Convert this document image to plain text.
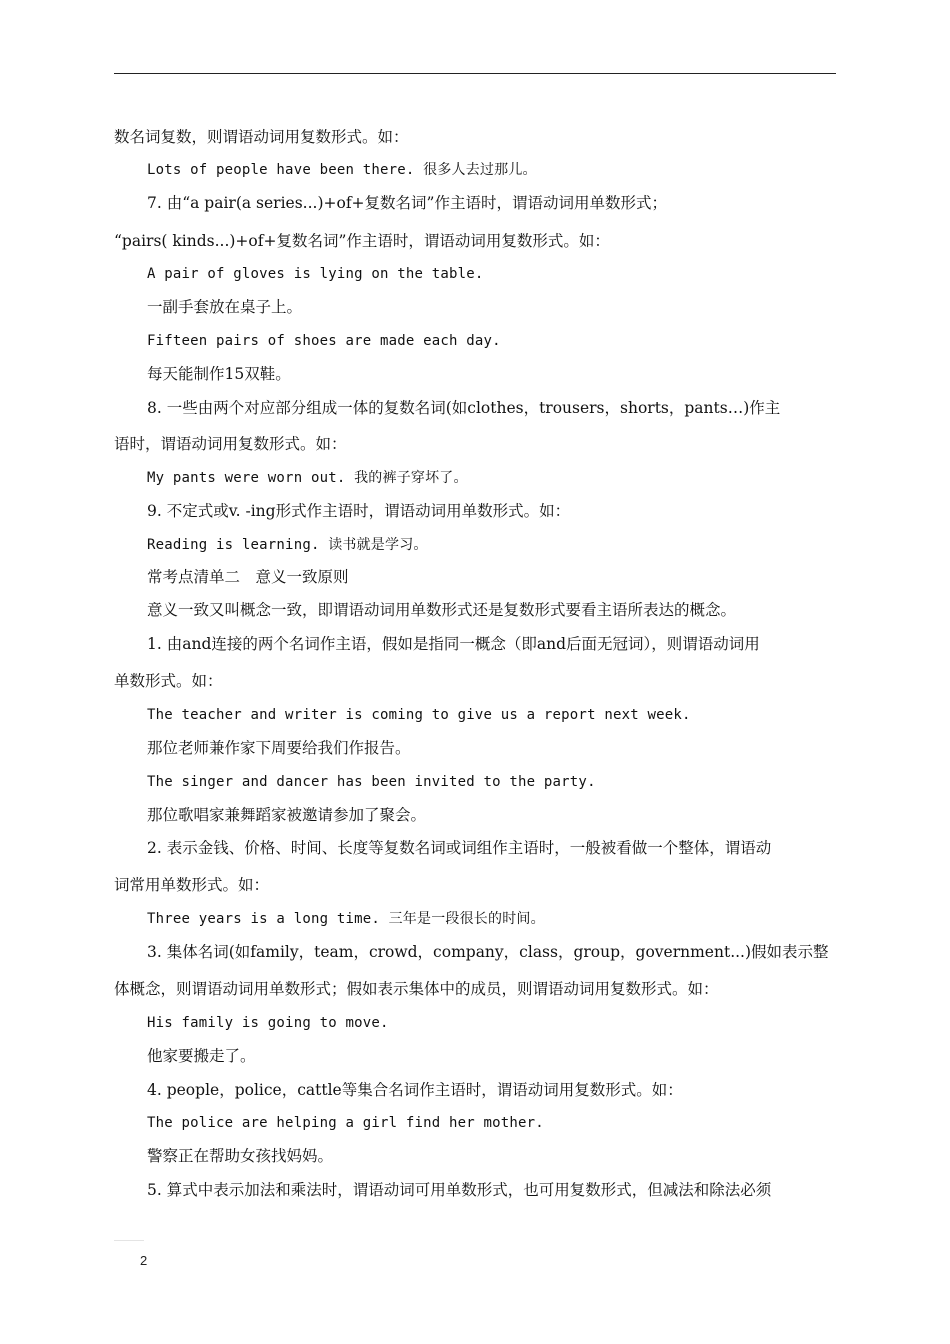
数名词复数，则谓语动词用复数形式。如：
Lots of people have been there. 很多人去过那儿。
7. 由“a pair(a series...)+of+复数名词”作主语时，谓语动词用单数形式；
“pairs( kinds...)+of+复数名词”作主语时，谓语动词用复数形式。如：
A pair of gloves is lying on the table.
一副手套放在桌子上。
Fifteen pairs of shoes are made each day.
每天能制作15双鞋。
8. 一些由两个对应部分组成一体的复数名词(如clothes，trousers，shorts，pants…)作主
语时，谓语动词用复数形式。如：
My pants were worn out. 我的裤子穿坏了。
9. 不定式或v. -ing形式作主语时，谓语动词用单数形式。如：
Reading is learning. 读书就是学习。
常考点清单二　意义一致原则
意义一致又叫概念一致，即谓语动词用单数形式还是复数形式要看主语所表达的概念。
1. 由and连接的两个名词作主语，假如是指同一概念（即and后面无冠词），则谓语动词用
单数形式。如：
The teacher and writer is coming to give us a report next week.
那位老师兼作家下周要给我们作报告。
The singer and dancer has been invited to the party.
那位歌唱家兼舞蹈家被邀请参加了聚会。
2. 表示金钱、价格、时间、长度等复数名词或词组作主语时，一般被看做一个整体，谓语动
词常用单数形式。如：
Three years is a long time. 三年是一段很长的时间。
3. 集体名词(如family，team，crowd，company，class，group，government...)假如表示整
体概念，则谓语动词用单数形式；假如表示集体中的成员，则谓语动词用复数形式。如：
His family is going to move.
他家要搬走了。
4. people，police，cattle等集合名词作主语时，谓语动词用复数形式。如：
The police are helping a girl find her mother.
警察正在帮助女孩找妈妈。
5. 算式中表示加法和乘法时，谓语动词可用单数形式，也可用复数形式，但减法和除法必须
2
